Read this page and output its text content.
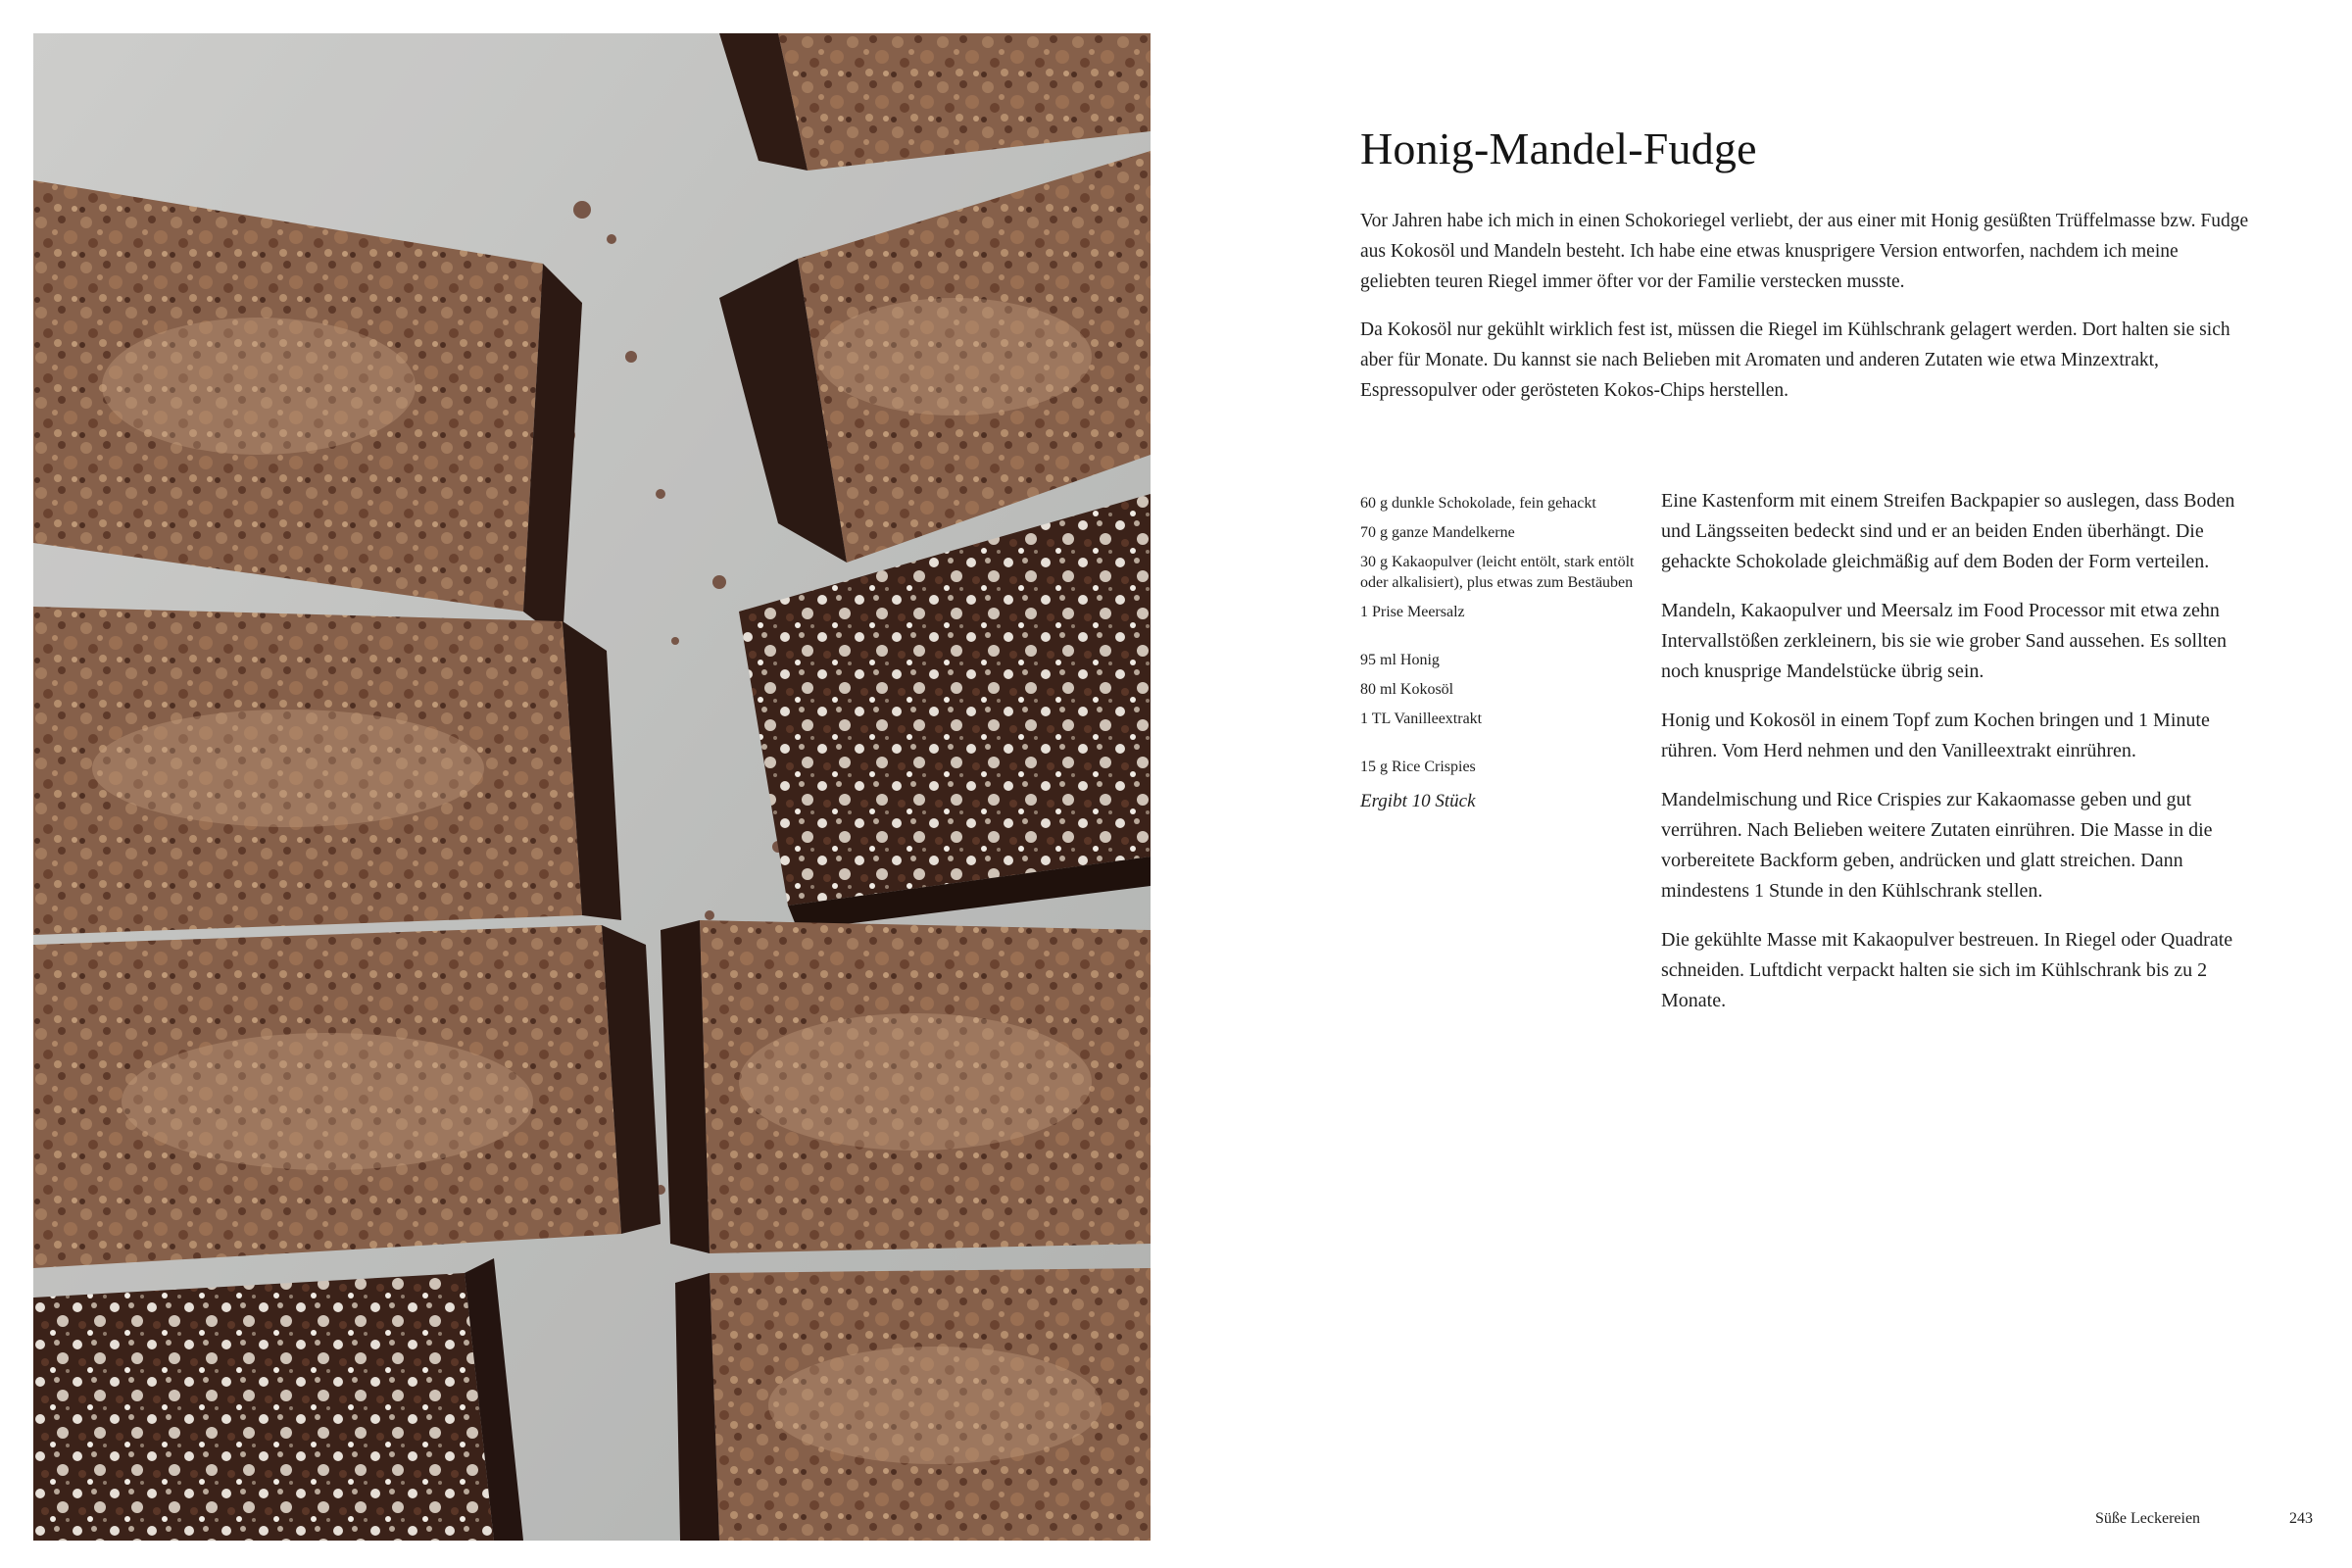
Honig-Mandel-Fudge

Vor Jahren habe ich mich in einen Schokoriegel verliebt, der aus einer mit Honig gesüßten Trüffelmasse bzw. Fudge aus Kokosöl und Mandeln besteht. Ich habe eine etwas knusprigere Version entworfen, nachdem ich meine geliebten teuren Riegel immer öfter vor der Familie verstecken musste.

Da Kokosöl nur gekühlt wirklich fest ist, müssen die Riegel im Kühlschrank gelagert werden. Dort halten sie sich aber für Monate. Du kannst sie nach Belieben mit Aromaten und anderen Zutaten wie etwa Minzextrakt, Espressopulver oder gerösteten Kokos-Chips herstellen.

60 g dunkle Schokolade, fein gehackt
70 g ganze Mandelkerne
30 g Kakaopulver (leicht entölt, stark entölt oder alkalisiert), plus etwas zum Bestäuben
1 Prise Meersalz
95 ml Honig
80 ml Kokosöl
1 TL Vanilleextrakt
15 g Rice Crispies
Ergibt 10 Stück

Eine Kastenform mit einem Streifen Backpapier so auslegen, dass Boden und Längsseiten bedeckt sind und er an beiden Enden überhängt. Die gehackte Schokolade gleichmäßig auf dem Boden der Form verteilen.

Mandeln, Kakaopulver und Meersalz im Food Processor mit etwa zehn Intervallstößen zerkleinern, bis sie wie grober Sand aussehen. Es sollten noch knusprige Mandelstücke übrig sein.

Honig und Kokosöl in einem Topf zum Kochen bringen und 1 Minute rühren. Vom Herd nehmen und den Vanilleextrakt einrühren.

Mandelmischung und Rice Crispies zur Kakaomasse geben und gut verrühren. Nach Belieben weitere Zutaten einrühren. Die Masse in die vorbereitete Backform geben, andrücken und glatt streichen. Dann mindestens 1 Stunde in den Kühlschrank stellen.

Die gekühlte Masse mit Kakaopulver bestreuen. In Riegel oder Quadrate schneiden. Luftdicht verpackt halten sie sich im Kühlschrank bis zu 2 Monate.

Süße Leckereien	243
